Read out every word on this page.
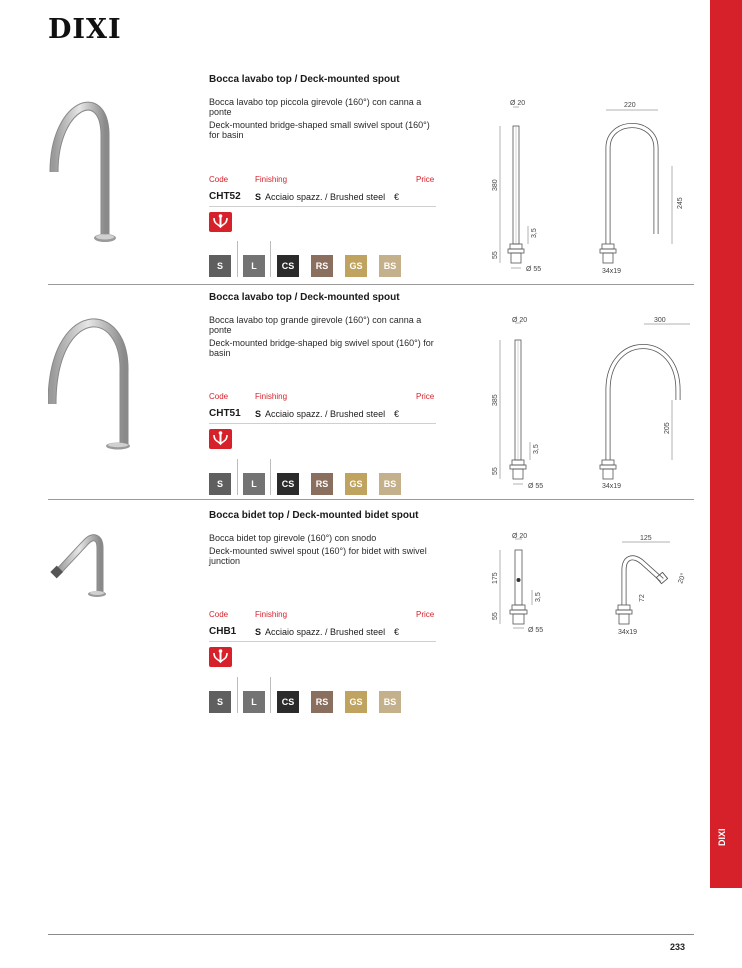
DIXI
DIXI
Bocca lavabo top / Deck-mounted spout

Bocca lavabo top piccola girevole (160°) con canna a ponte

Deck-mounted bridge-shaped small swivel spout (160°) for basin

Code	Finishing	Price
CHT52 S Acciaio spazz. / Brushed steel €
S	L	CS	RS	GS	BS
Ø 20
380
55
3,5
Ø 55
220
245
34x19
Bocca lavabo top / Deck-mounted spout

Bocca lavabo top grande girevole (160°) con canna a ponte

Deck-mounted bridge-shaped big swivel spout (160°) for basin

Code	Finishing	Price
CHT51 S Acciaio spazz. / Brushed steel €
S	L	CS	RS	GS	BS
Ø 20
385
55
3,5
Ø 55
300
205
34x19
Bocca bidet top / Deck-mounted bidet spout

Bocca bidet top girevole (160°) con snodo

Deck-mounted swivel spout (160°) for bidet with swivel junction

Code	Finishing	Price
CHB1 S Acciaio spazz. / Brushed steel €
S	L	CS	RS	GS	BS
Ø 20
175
55
3,5
Ø 55
125
72
20°
34x19
233
